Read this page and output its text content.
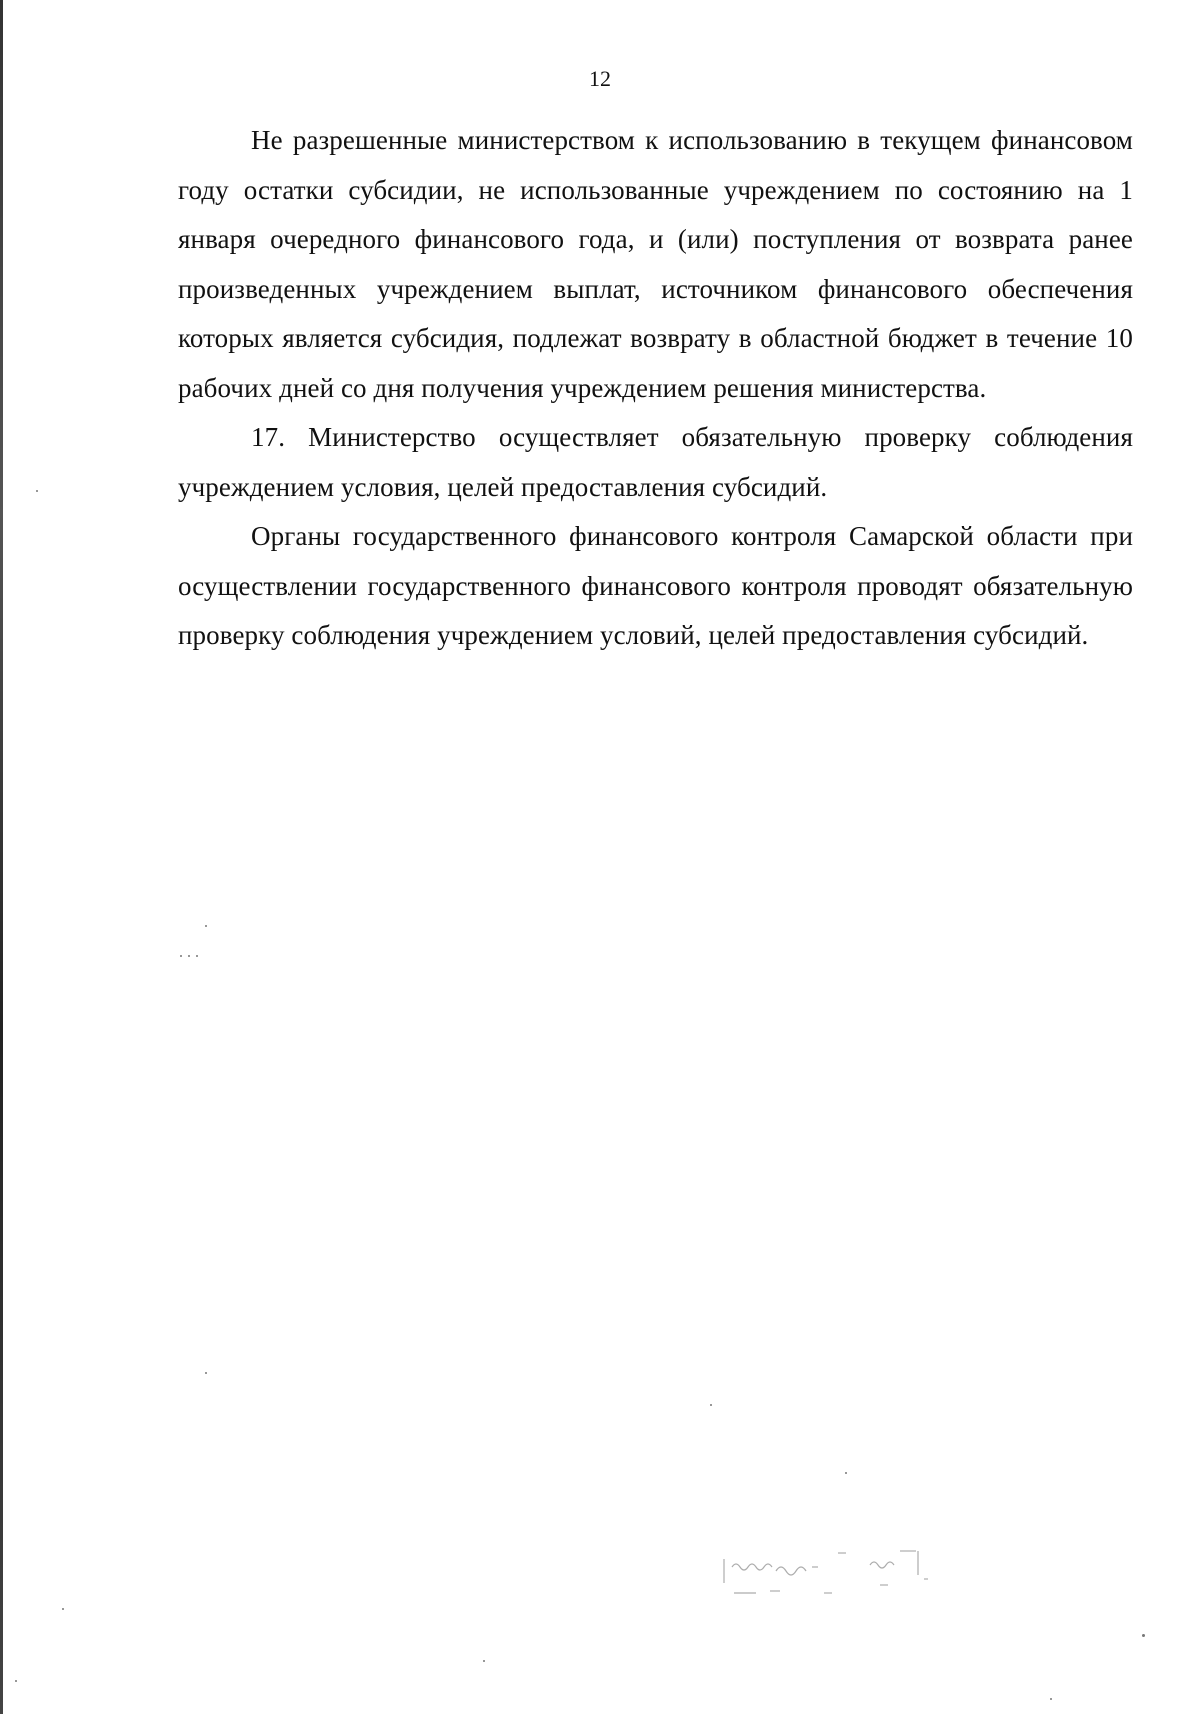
12

Не разрешенные министерством к использованию в текущем финансовом году остатки субсидии, не использованные учреждением по состоянию на 1 января очередного финансового года, и (или) поступления от возврата ранее произведенных учреждением выплат, источником финансового обеспечения которых является субсидия, подлежат возврату в областной бюджет в течение 10 рабочих дней со дня получения учреждением решения министерства.

17. Министерство осуществляет обязательную проверку соблюдения учреждением условия, целей предоставления субсидий.

Органы государственного финансового контроля Самарской области при осуществлении государственного финансового контроля проводят обязательную проверку соблюдения учреждением условий, целей предоставления субсидий.
